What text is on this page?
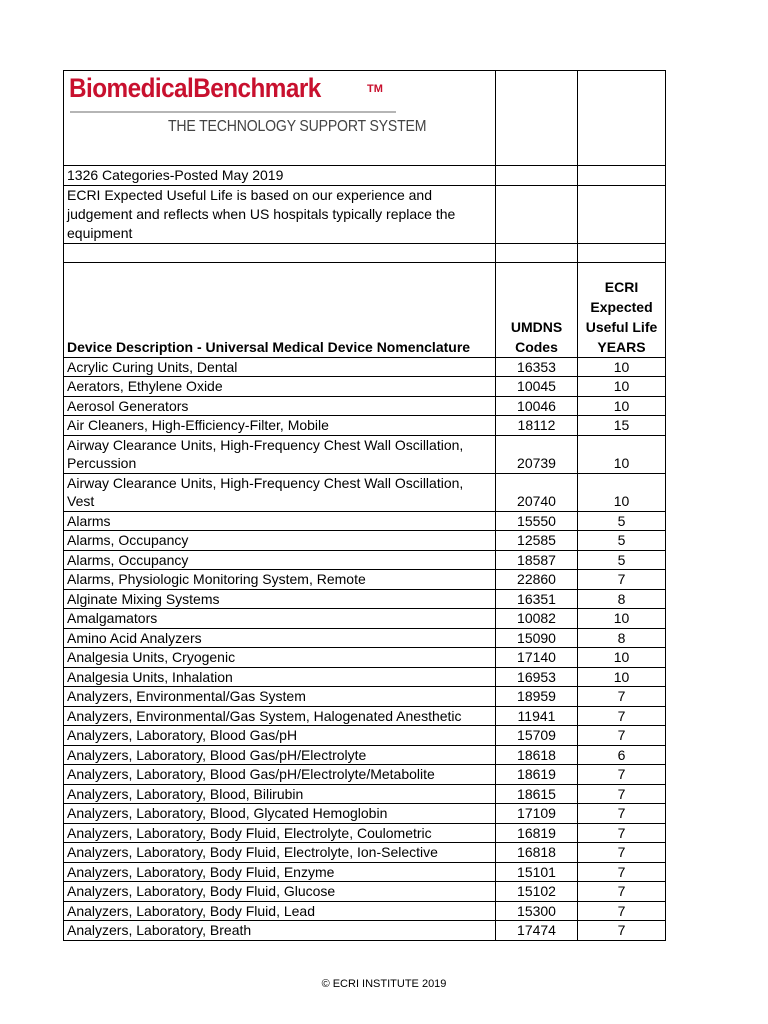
BiomedicalBenchmark TM
THE TECHNOLOGY SUPPORT SYSTEM		

1326 Categories-Posted May 2019		
ECRI Expected Useful Life is based on our experience and judgement and reflects when US hospitals typically replace the equipment		

Device Description - Universal Medical Device Nomenclature	UMDNS Codes	ECRI Expected Useful Life YEARS
Acrylic Curing Units, Dental	16353	10
Aerators, Ethylene Oxide	10045	10
Aerosol Generators	10046	10
Air Cleaners, High-Efficiency-Filter, Mobile	18112	15
Airway Clearance Units, High-Frequency Chest Wall Oscillation, Percussion	20739	10
Airway Clearance Units, High-Frequency Chest Wall Oscillation, Vest	20740	10
Alarms	15550	5
Alarms, Occupancy	12585	5
Alarms, Occupancy	18587	5
Alarms, Physiologic Monitoring System, Remote	22860	7
Alginate Mixing Systems	16351	8
Amalgamators	10082	10
Amino Acid Analyzers	15090	8
Analgesia Units, Cryogenic	17140	10
Analgesia Units, Inhalation	16953	10
Analyzers, Environmental/Gas System	18959	7
Analyzers, Environmental/Gas System, Halogenated Anesthetic	11941	7
Analyzers, Laboratory, Blood Gas/pH	15709	7
Analyzers, Laboratory, Blood Gas/pH/Electrolyte	18618	6
Analyzers, Laboratory, Blood Gas/pH/Electrolyte/Metabolite	18619	7
Analyzers, Laboratory, Blood, Bilirubin	18615	7
Analyzers, Laboratory, Blood, Glycated Hemoglobin	17109	7
Analyzers, Laboratory, Body Fluid, Electrolyte, Coulometric	16819	7
Analyzers, Laboratory, Body Fluid, Electrolyte, Ion-Selective	16818	7
Analyzers, Laboratory, Body Fluid, Enzyme	15101	7
Analyzers, Laboratory, Body Fluid, Glucose	15102	7
Analyzers, Laboratory, Body Fluid, Lead	15300	7
Analyzers, Laboratory, Breath	17474	7
© ECRI INSTITUTE 2019
